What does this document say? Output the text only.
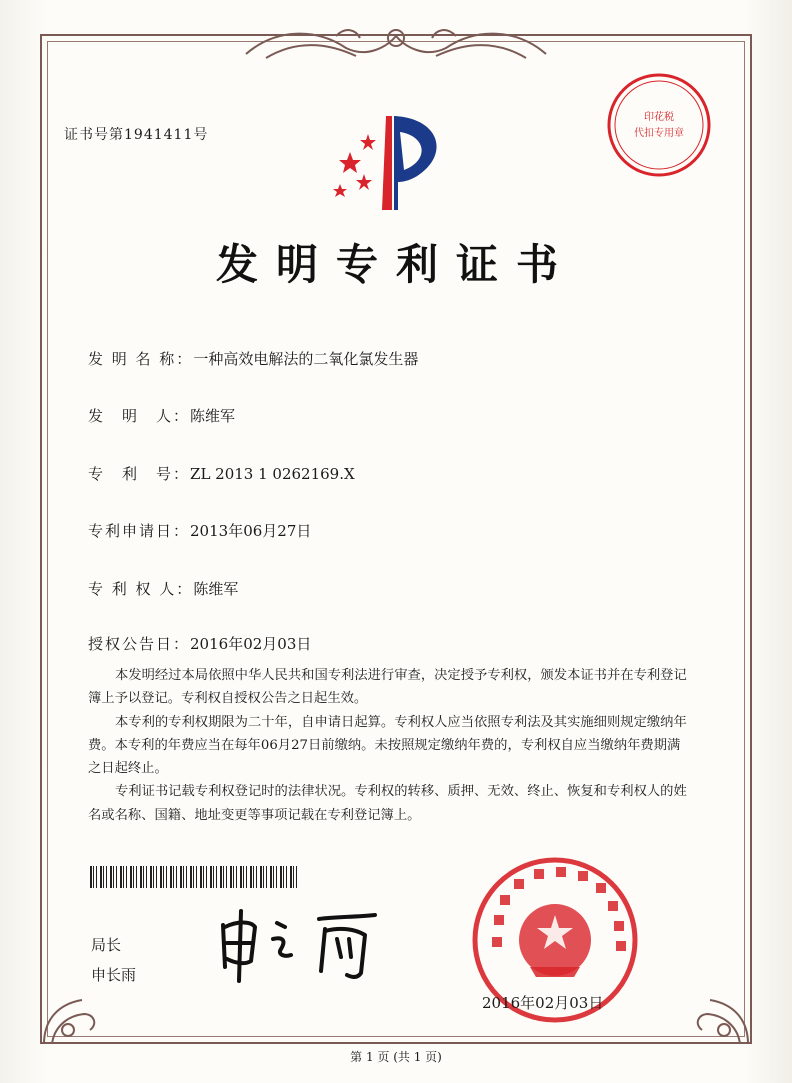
证书号第1941411号
发明专利证书
发 明 名 称：一种高效电解法的二氧化氯发生器
发　明　人：陈维军
专　利　号：ZL 2013 1 0262169.X
专利申请日：2013年06月27日
专 利 权 人：陈维军
授权公告日：2016年02月03日

本发明经过本局依照中华人民共和国专利法进行审查，决定授予专利权，颁发本证书并在专利登记簿上予以登记。专利权自授权公告之日起生效。

本专利的专利权期限为二十年，自申请日起算。专利权人应当依照专利法及其实施细则规定缴纳年费。本专利的年费应当在每年06月27日前缴纳。未按照规定缴纳年费的，专利权自应当缴纳年费期满之日起终止。

专利证书记载专利权登记时的法律状况。专利权的转移、质押、无效、终止、恢复和专利权人的姓名或名称、国籍、地址变更等事项记载在专利登记簿上。

局长
申长雨
印花税
代扣专用章
2016年02月03日
第 1 页 (共 1 页)
